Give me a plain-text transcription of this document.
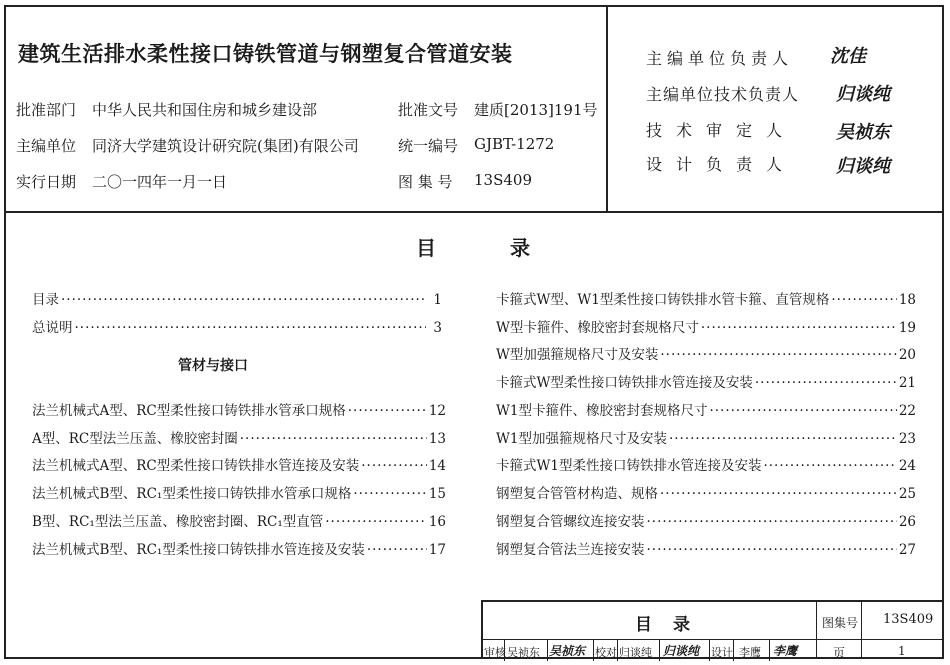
建筑生活排水柔性接口铸铁管道与钢塑复合管道安装
批准部门 中华人民共和国住房和城乡建设部	批准文号 建质[2013]191号
主编单位 同济大学建筑设计研究院(集团)有限公司	统一编号 GJBT-1272
实行日期 二〇一四年一月一日	图 集 号 13S409
主编单位负责人 沈佳
主编单位技术负责人 归谈纯
技术审定人 吴祯东
设计负责人 归谈纯
目	录
管材与接口
目录 ·····	1
总说明 ·····	3
法兰机械式A型、RC型柔性接口铸铁排水管承口规格 ·····	12
A型、RC型法兰压盖、橡胶密封圈 ·····	13
法兰机械式A型、RC型柔性接口铸铁排水管连接及安装 ·····	14
法兰机械式B型、RC₁型柔性接口铸铁排水管承口规格 ·····	15
B型、RC₁型法兰压盖、橡胶密封圈、RC₁型直管 ·····	16
法兰机械式B型、RC₁型柔性接口铸铁排水管连接及安装 ·····	17
卡箍式W型、W1型柔性接口铸铁排水管卡箍、直管规格 ·····	18
W型卡箍件、橡胶密封套规格尺寸 ·····	19
W型加强箍规格尺寸及安装 ·····	20
卡箍式W型柔性接口铸铁排水管连接及安装 ·····	21
W1型卡箍件、橡胶密封套规格尺寸 ·····	22
W1型加强箍规格尺寸及安装 ·····	23
卡箍式W1型柔性接口铸铁排水管连接及安装 ·····	24
钢塑复合管管材构造、规格 ·····	25
钢塑复合管螺纹连接安装 ·····	26
钢塑复合管法兰连接安装 ·····	27
目 录	图集号 13S409
审核 吴祯东 吴祯东 校对 归谈纯 归谈纯 设计 李鹰 李鹰	页	1
